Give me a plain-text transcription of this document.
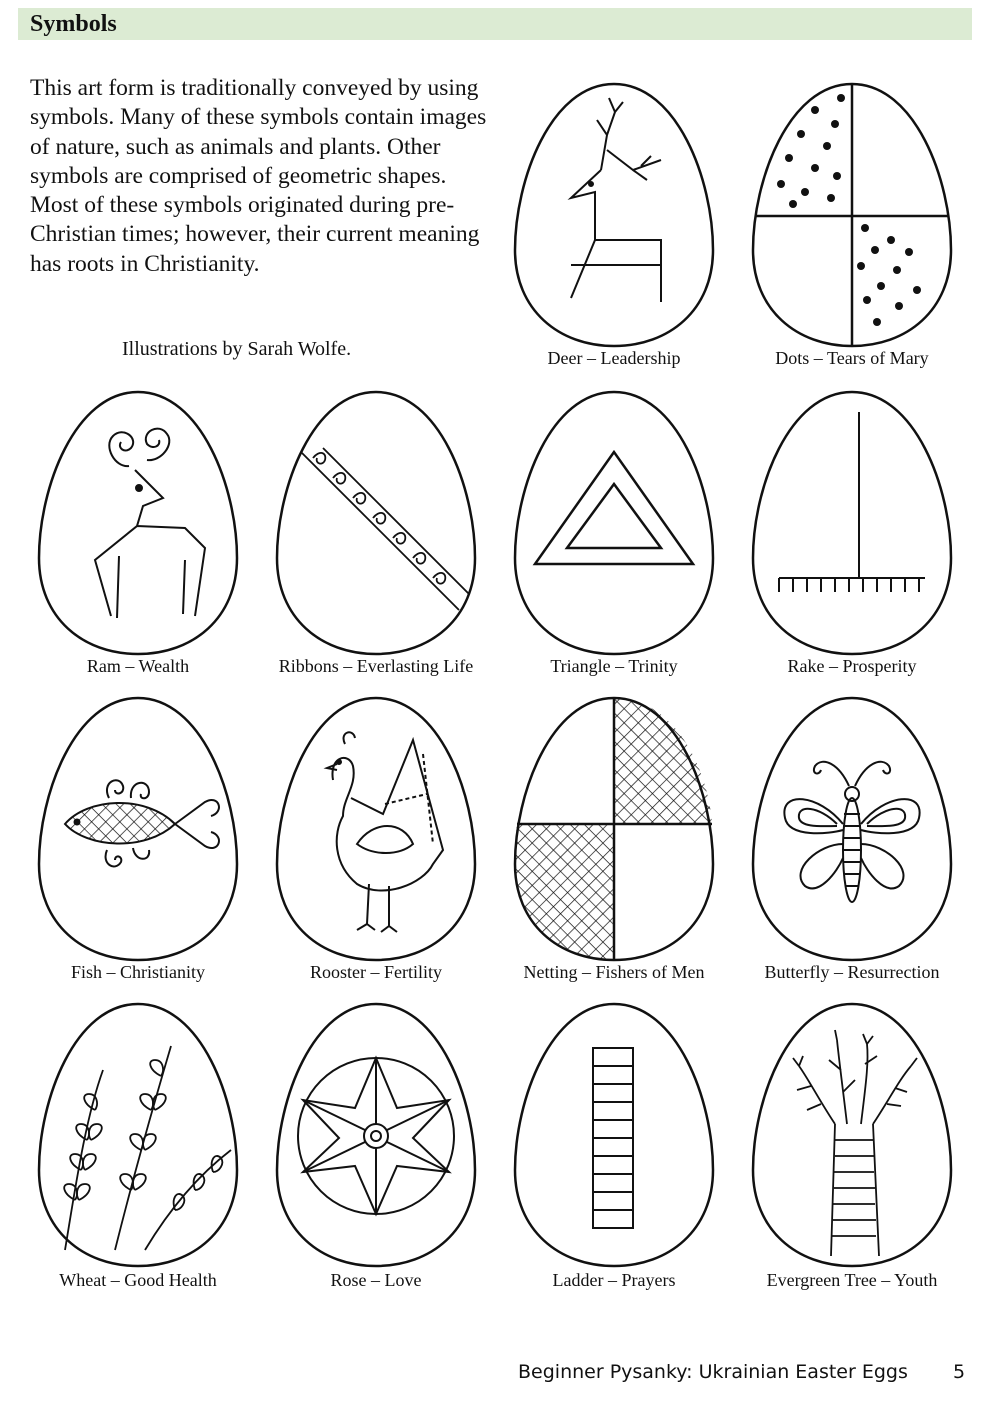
Symbols
This art form is traditionally conveyed by using symbols. Many of these symbols contain images of nature, such as animals and plants. Other symbols are comprised of geometric shapes. Most of these symbols originated during pre-Christian times; however, their current meaning has roots in Christianity.
Illustrations by Sarah Wolfe.	Deer – Leadership	Dots – Tears of Mary
Ram – Wealth	Ribbons – Everlasting Life	Triangle – Trinity	Rake – Prosperity
Fish – Christianity	Rooster – Fertility	Netting – Fishers of Men	Butterfly – Resurrection
Wheat – Good Health	Rose – Love	Ladder – Prayers	Evergreen Tree – Youth
Beginner Pysanky: Ukrainian Easter Eggs 5
